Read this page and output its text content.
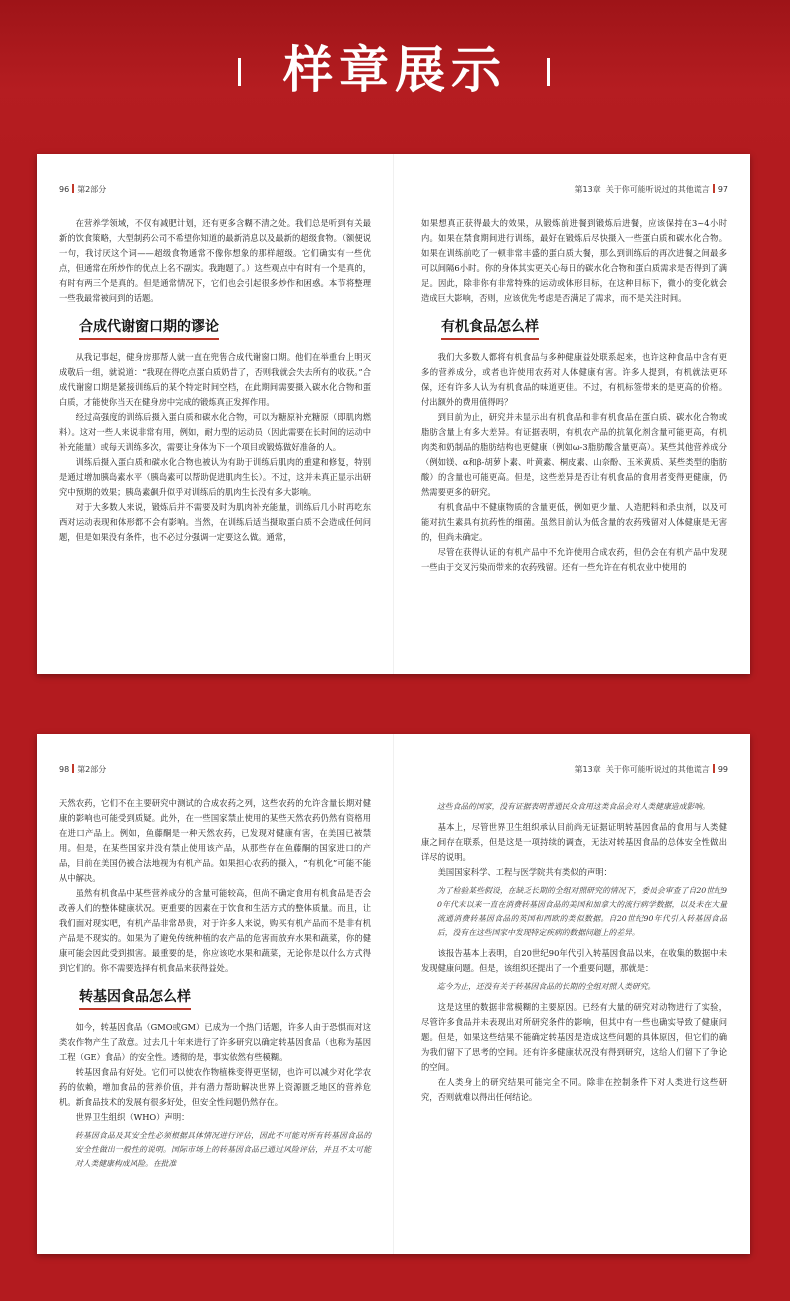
样章展示
96 第2部分	第13章 关于你可能听说过的其他谎言 97

在营养学领域，不仅有减肥计划，还有更多含糊不清之处。我们总是听到有关最新的饮食策略，大型制药公司不希望你知道的最新消息以及最新的超级食物。（额便说一句，我讨厌这个词——超级食物通常不像你想象的那样超级。它们确实有一些优点，但通常在所炒作的优点上名不副实。我跑题了。）这些观点中有时有一个是真的，有时有两三个是真的。但是通常情况下，它们也会引起很多炒作和困惑。本节将整理一些我最常被问到的话题。

合成代谢窗口期的谬论

从我记事起，健身房那帮人就一直在兜售合成代谢窗口期。他们在举重台上明灭成敬后一组，就说道：“我现在得吃点蛋白质奶昔了，否则我就会失去所有的收获。”合成代谢窗口期是紧接训练后的某个特定时间空档，在此期间需要摄入碳水化合物和蛋白质，才能使你当天在健身房中完成的锻炼真正发挥作用。

经过高强度的训练后摄入蛋白质和碳水化合物，可以为糖原补充糖原（即肌肉燃料）。这对一些人来说非常有用，例如，耐力型的运动员（因此需要在长时间的运动中补充能量）或每天训练多次，需要让身体为下一个项目或锻炼做好准备的人。

训练后摄入蛋白质和碳水化合物也被认为有助于训练后肌肉的重建和修复，特别是通过增加胰岛素水平（胰岛素可以帮助促进肌肉生长）。不过，这并未真正显示出研究中预期的效果；胰岛素飙升似乎对训练后的肌肉生长没有多大影响。

对于大多数人来说，锻炼后并不需要及时为肌肉补充能量，训练后几小时再吃东西对运动表现和体形都不会有影响。当然，在训练后适当摄取蛋白质不会造成任何问题，但是如果没有条件，也不必过分强调一定要这么做。通常，

如果想真正获得最大的效果，从锻炼前进餐到锻炼后进餐，应该保持在3~4小时内。如果在禁食期间进行训练，最好在锻炼后尽快摄入一些蛋白质和碳水化合物。如果在训练前吃了一顿非常丰盛的蛋白质大餐，那么到训练后的再次进餐之间最多可以间隔6小时。你的身体其实更关心每日的碳水化合物和蛋白质需求是否得到了满足。因此，除非你有非常特殊的运动或体形目标，在这种目标下，微小的变化就会造成巨大影响，否则，应该优先考虑是否满足了需求，而不是关注时间。

有机食品怎么样

我们大多数人都将有机食品与多种健康益处联系起来，也许这种食品中含有更多的营养成分，或者也许使用农药对人体健康有害。许多人提到，有机就法更环保，还有许多人认为有机食品的味道更佳。不过，有机标签带来的是更高的价格。付出额外的费用值得吗？

到目前为止，研究并未显示出有机食品和非有机食品在蛋白质、碳水化合物或脂肪含量上有多大差异。有证据表明，有机农产品的抗氧化剂含量可能更高，有机肉类和奶制品的脂肪结构也更健康（例如ω-3脂肪酸含量更高）。某些其他营养成分（例如镁、α和β-胡萝卜素、叶黄素、桐皮素、山奈酚、玉米黄质、某些类型的脂肪酸）的含量也可能更高。但是，这些差异是否让有机食品的食用者变得更健康，仍然需要更多的研究。

有机食品中不健康物质的含量更低，例如更少量、人造肥料和杀虫剂，以及可能对抗生素具有抗药性的细菌。虽然目前认为低含量的农药残留对人体健康是无害的，但尚未确定。

尽管在获得认证的有机产品中不允许使用合成农药，但仍会在有机产品中发现一些由于交叉污染而带来的农药残留。还有一些允许在有机农业中使用的

98 第2部分	第13章 关于你可能听说过的其他谎言 99

天然农药，它们不在主要研究中测试的合成农药之列，这些农药的允许含量长期对健康的影响也可能受到质疑。此外，在一些国家禁止使用的某些天然农药仍然有资格用在进口产品上。例如，鱼藤酮是一种天然农药，已发现对健康有害，在美国已被禁用。但是，在某些国家并没有禁止使用该产品，从那些存在鱼藤酮的国家进口的产品，目前在美国仍被合法地视为有机产品。如果担心农药的摄入，“有机化”可能不能从中解决。

虽然有机食品中某些营养成分的含量可能较高，但尚不确定食用有机食品是否会改善人们的整体健康状况。更重要的因素在于饮食和生活方式的整体质量。而且，让我们面对现实吧，有机产品非常昂贵，对于许多人来说，购买有机产品而不是非有机产品是不现实的。如果为了避免传统种植的农产品的危害而放弃水果和蔬菜，你的健康可能会因此受到损害。最重要的是，你应该吃水果和蔬菜，无论你是以什么方式得到它们的。你不需要选择有机食品来获得益处。

转基因食品怎么样

如今，转基因食品（GMO或GM）已成为一个热门话题，许多人由于恐惧而对这类农作物产生了敌意。过去几十年来进行了许多研究以确定转基因食品（也称为基因工程（GE）食品）的安全性。透彻的是，事实依然有些模糊。

转基因食品有好处。它们可以使农作物植株变得更坚韧，也许可以减少对化学农药的依赖，增加食品的营养价值，并有潜力帮助解决世界上资源匮乏地区的营养危机。新食品技术的发展有很多好处，但安全性问题仍然存在。

世界卫生组织（WHO）声明：

转基因食品及其安全性必须根据具体情况进行评估，因此不可能对所有转基因食品的安全性做出一般性的说明。国际市场上的转基因食品已通过风险评估，并且不太可能对人类健康构成风险。在批准
这些食品的国家，没有证据表明普通民众食用这类食品会对人类健康造成影响。

基本上，尽管世界卫生组织承认目前尚无证据证明转基因食品的食用与人类健康之间存在联系，但是这是一项持续的调查，无法对转基因食品的总体安全性做出详尽的说明。

美国国家科学、工程与医学院共有类似的声明：

为了检验某些假设，在缺乏长期的全组对照研究的情况下，委员会审查了自20世纪90年代末以来一直在消费转基因食品的美国和加拿大的流行病学数据，以及未在大量流通消费转基因食品的英国和西欧的类似数据。自20世纪90年代引入转基因食品后，没有在这些国家中发现特定疾病的数据问题上的差异。

该报告基本上表明，自20世纪90年代引入转基因食品以来，在收集的数据中未发现健康问题。但是，该组织还提出了一个重要问题，那就是：

迄今为止，还没有关于转基因食品的长期的全组对照人类研究。

这是这里的数据非常模糊的主要原因。已经有大量的研究对动物进行了实验，尽管许多食品并未表现出对所研究条件的影响，但其中有一些也确实导致了健康问题。但是，如果这些结果不能确定转基因是造成这些问题的具体原因，但它们的确为我们留下了思考的空间。还有许多健康状况没有得到研究，这给人们留下了争论的空间。

在人类身上的研究结果可能完全不同。除非在控制条件下对人类进行这些研究，否则就难以得出任何结论。
